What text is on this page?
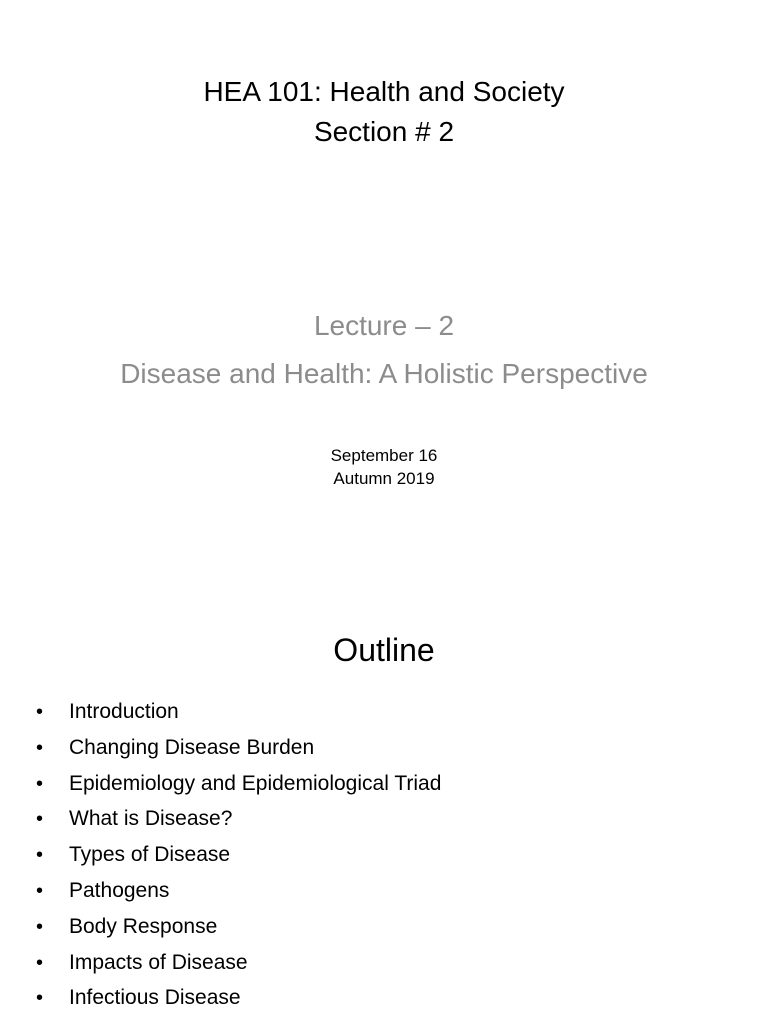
HEA 101: Health and Society
Section # 2
Lecture – 2
Disease and Health: A Holistic Perspective
September 16
Autumn 2019
Outline
• Introduction
• Changing Disease Burden
• Epidemiology and Epidemiological Triad
• What is Disease?
• Types of Disease
• Pathogens
• Body Response
• Impacts of Disease
• Infectious Disease
